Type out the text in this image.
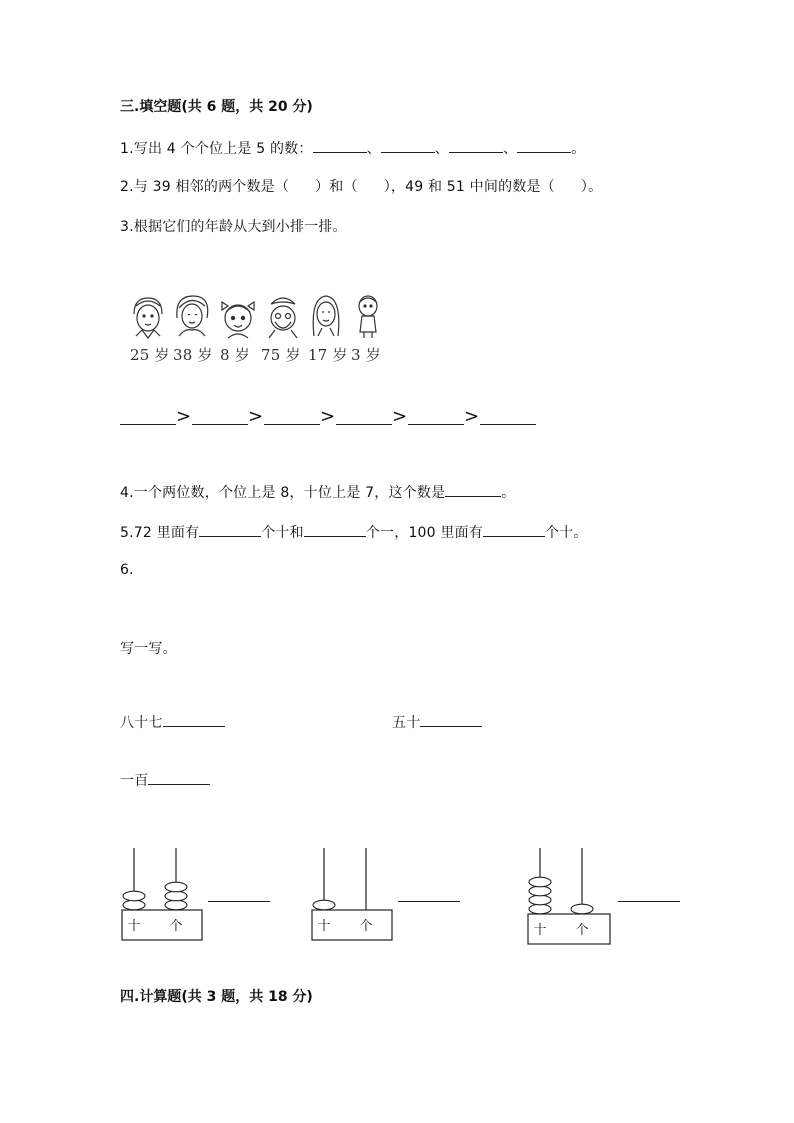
三.填空题(共 6 题，共 20 分)
1.写出 4 个个位上是 5 的数：	、	、	、	。
2.与 39 相邻的两个数是（ ）和（ ），49 和 51 中间的数是（ ）。
3.根据它们的年龄从大到小排一排。
25 岁 38 岁 8 岁 75 岁 17 岁 3 岁
>	>	>	>	>
4.一个两位数，个位上是 8，十位上是 7，这个数是	。
5.72 里面有	个十和	个一，100 里面有	个十。
6.
写一写。
八十七	五十
一百
十 个	十 个	十 个
四.计算题(共 3 题，共 18 分)
